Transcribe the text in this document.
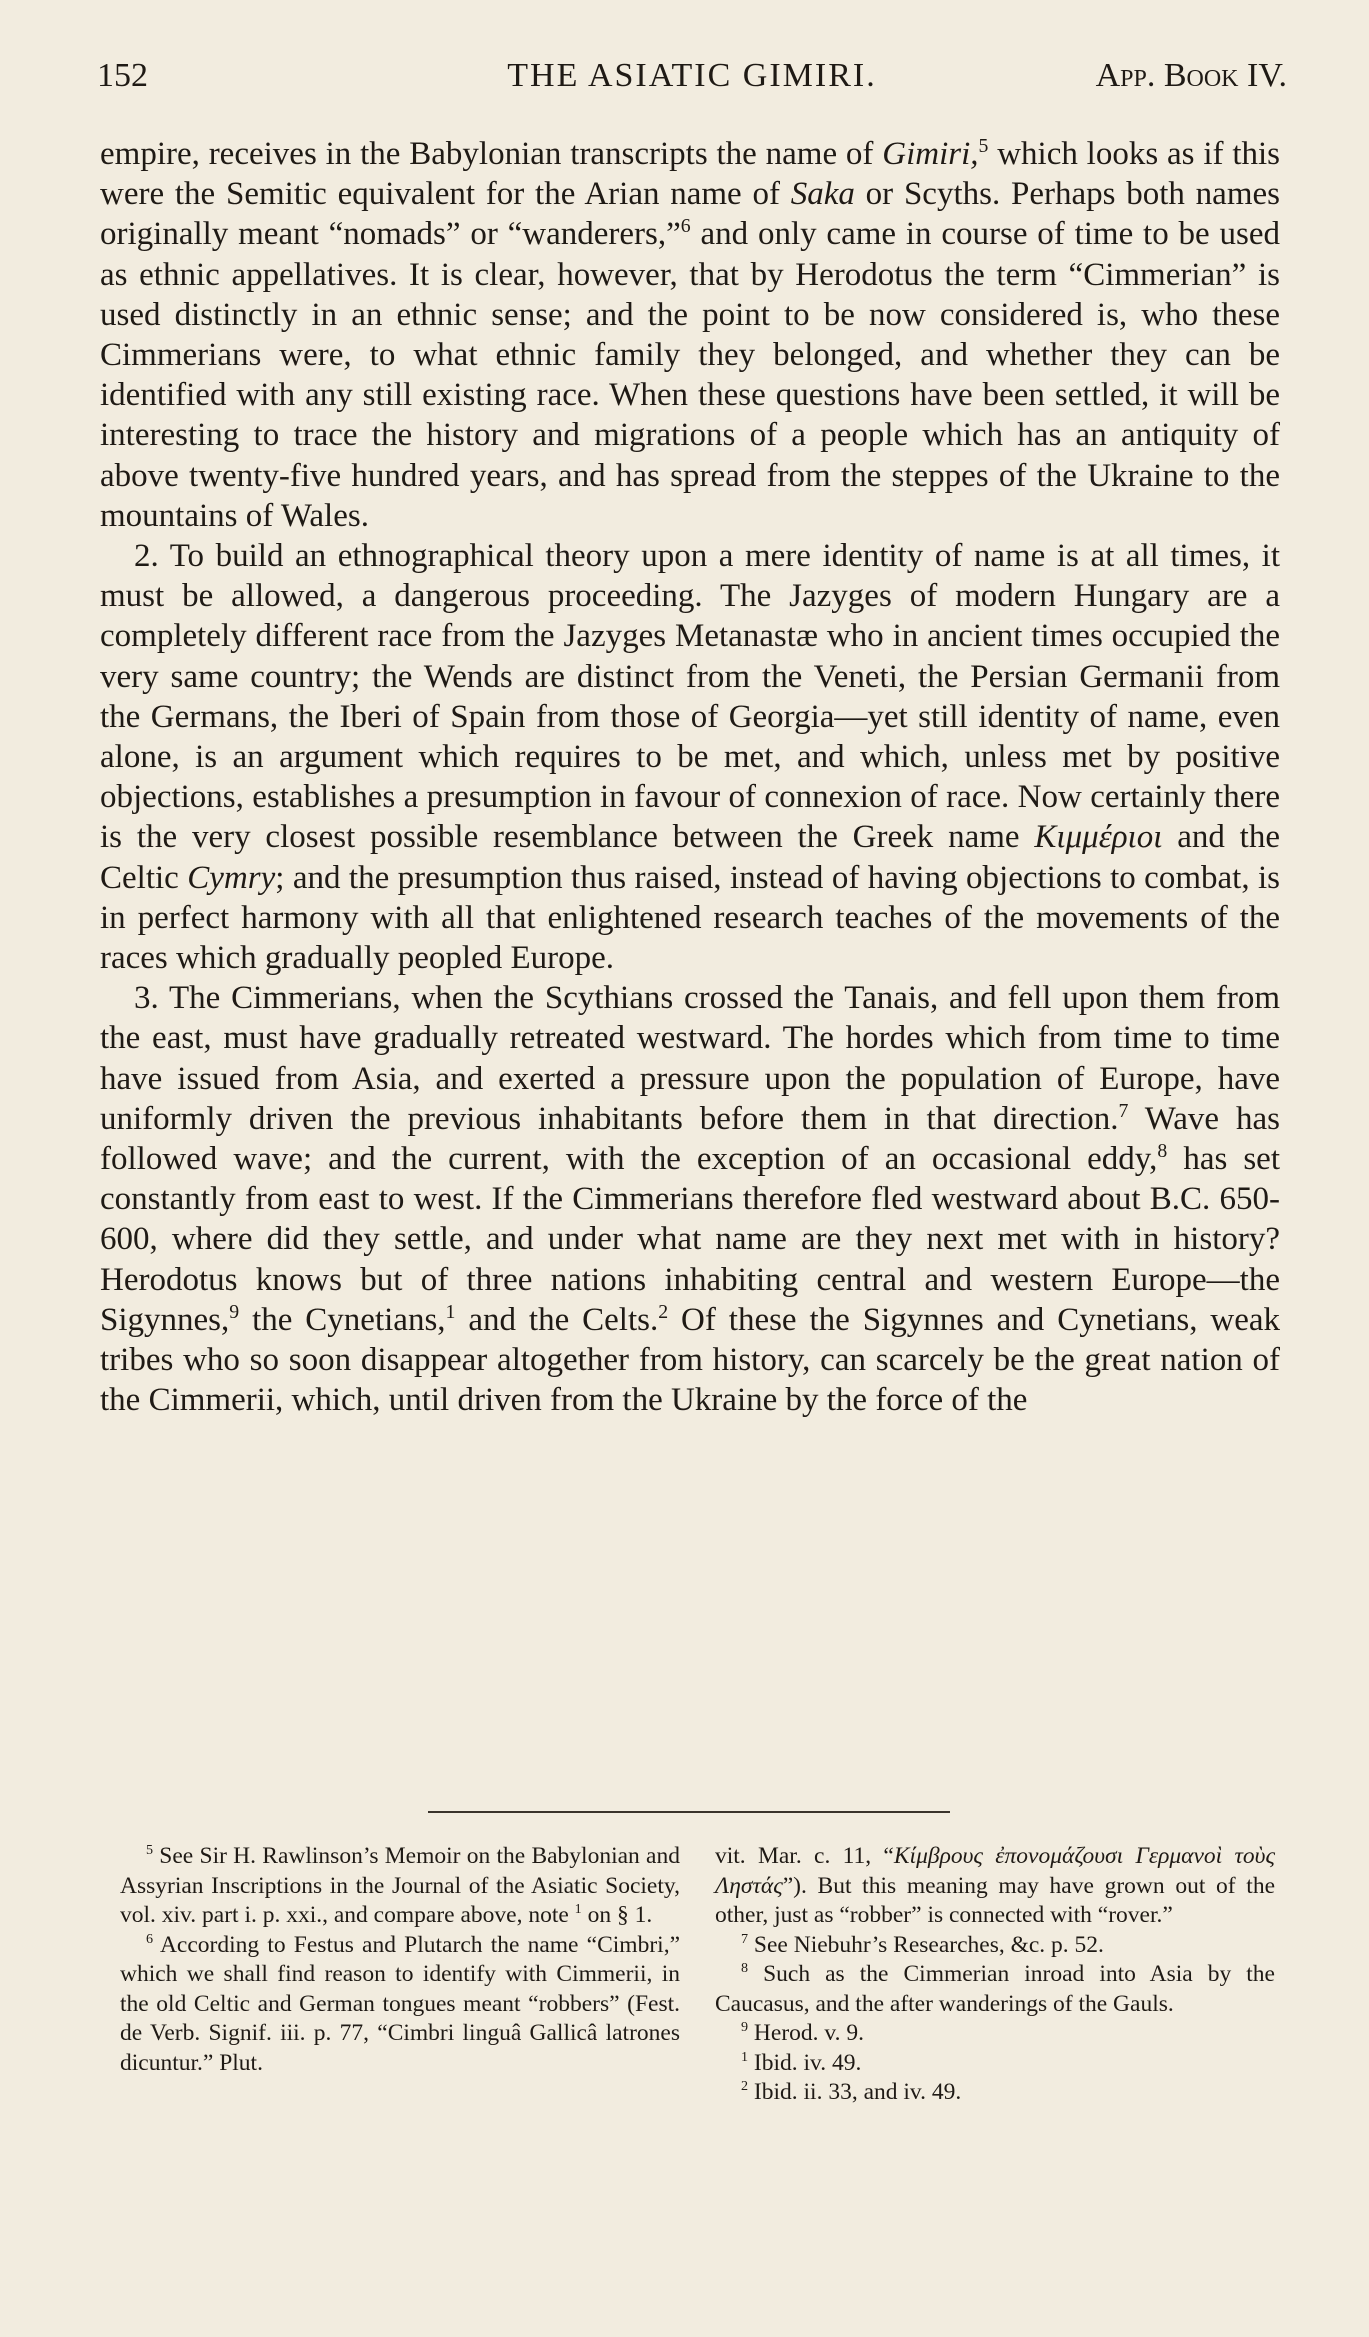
152	THE ASIATIC GIMIRI.	App. Book IV.

empire, receives in the Babylonian transcripts the name of Gimiri,$^5$ which looks as if this were the Semitic equivalent for the Arian name of Saka or Scyths. Perhaps both names originally meant “nomads” or “wanderers,”$^6$ and only came in course of time to be used as ethnic appellatives. It is clear, however, that by Herodotus the term “Cimmerian” is used distinctly in an ethnic sense; and the point to be now considered is, who these Cimmerians were, to what ethnic family they belonged, and whether they can be identified with any still existing race. When these questions have been settled, it will be interesting to trace the history and migrations of a people which has an antiquity of above twenty-five hundred years, and has spread from the steppes of the Ukraine to the mountains of Wales.

2. To build an ethnographical theory upon a mere identity of name is at all times, it must be allowed, a dangerous proceeding. The Jazyges of modern Hungary are a completely different race from the Jazyges Metanastæ who in ancient times occupied the very same country; the Wends are distinct from the Veneti, the Persian Germanii from the Germans, the Iberi of Spain from those of Georgia—yet still identity of name, even alone, is an argument which requires to be met, and which, unless met by positive objections, establishes a presumption in favour of connexion of race. Now certainly there is the very closest possible resemblance between the Greek name Κιμμέριοι and the Celtic Cymry; and the presumption thus raised, instead of having objections to combat, is in perfect harmony with all that enlightened research teaches of the movements of the races which gradually peopled Europe.

3. The Cimmerians, when the Scythians crossed the Tanais, and fell upon them from the east, must have gradually retreated westward. The hordes which from time to time have issued from Asia, and exerted a pressure upon the population of Europe, have uniformly driven the previous inhabitants before them in that direction.$^7$ Wave has followed wave; and the current, with the exception of an occasional eddy,$^8$ has set constantly from east to west. If the Cimmerians therefore fled westward about B.C. 650-600, where did they settle, and under what name are they next met with in history? Herodotus knows but of three nations inhabiting central and western Europe—the Sigynnes,$^9$ the Cynetians,$^1$ and the Celts.$^2$ Of these the Sigynnes and Cynetians, weak tribes who so soon disappear altogether from history, can scarcely be the great nation of the Cimmerii, which, until driven from the Ukraine by the force of the

$^5$ See Sir H. Rawlinson’s Memoir on the Babylonian and Assyrian Inscriptions in the Journal of the Asiatic Society, vol. xiv. part i. p. xxi., and compare above, note $^1$ on § 1.

$^6$ According to Festus and Plutarch the name “Cimbri,” which we shall find reason to identify with Cimmerii, in the old Celtic and German tongues meant “robbers” (Fest. de Verb. Signif. iii. p. 77, “Cimbri linguâ Gallicâ latrones dicuntur.” Plut.

vit. Mar. c. 11, “Κίμβρους ἐπονομάζουσι Γερμανοὶ τοὺς Ληστάς”). But this meaning may have grown out of the other, just as “robber” is connected with “rover.”

$^7$ See Niebuhr’s Researches, &c. p. 52.

$^8$ Such as the Cimmerian inroad into Asia by the Caucasus, and the after wanderings of the Gauls.

$^9$ Herod. v. 9.

$^1$ Ibid. iv. 49.

$^2$ Ibid. ii. 33, and iv. 49.
